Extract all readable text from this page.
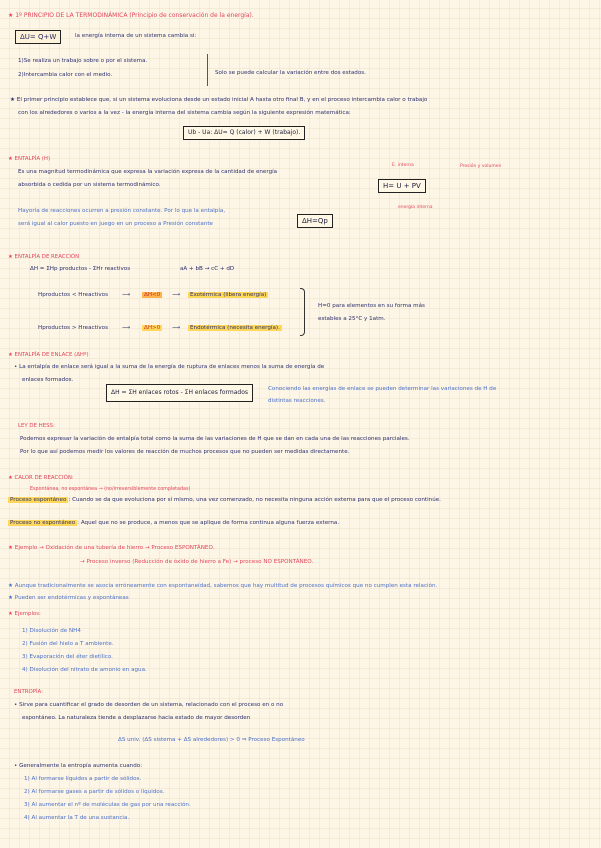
★ 1º PRINCIPIO DE LA TERMODINÁMICA (Principio de conservación de la energía).
ΔU= Q+W	la energía interna de un sistema cambia si:
1)Se realiza un trabajo sobre o por el sistema.
2)Intercambia calor con el medio.	Solo se puede calcular la variación entre dos estados.
★ El primer principio establece que, si un sistema evoluciona desde un estado inicial A hasta otro final B, y en el proceso intercambia calor o trabajo
con los alrededores o varios a la vez - la energía interna del sistema cambia según la siguiente expresión matemática:
Ub - Ua: ΔU= Q (calor) + W (trabajo).
★ ENTALPÍA (H)
Es una magnitud termodinámica que expresa la variación expresa de la cantidad de energía
absorbida o cedida por un sistema termodinámico.
E. interna	Presión y volumen
H= U + PV
energía interna
Hayoría de reacciones ocurren a presión constante. Por lo que la entalpía,
será igual al calor puesto en juego en un proceso a Presión constante	ΔH=Qp
★ ENTALPÍA DE REACCIÓN
ΔH = ΣHp productos - ΣHr reactivos	aA + bB → cC + dD
Hproductos < Hreactivos ⟶	ΔH<0	⟶	Exotérmica (libera energía)
Hproductos > Hreactivos ⟶	ΔH>0	⟶	Endotérmica (necesita energía).
H=0 para elementos en su forma más
estables a 25°C y 1atm.
★ ENTALPÍA DE ENLACE (ΔHº)
• La entalpía de enlace será igual a la suma de la energía de ruptura de enlaces menos la suma de energía de
enlaces formados.
ΔH = ΣH enlaces rotos - ΣH enlaces formados	Conociendo las energías de enlace se pueden determinar las variaciones de H de
distintas reacciones.
LEY DE HESS:
Podemos expresar la variación de entalpía total como la suma de las variaciones de H que se dan en cada una de las reacciones parciales.
Por lo que así podemos medir los valores de reacción de muchos procesos que no pueden ser medidas directamente.
★ CALOR DE REACCIÓN:
Espontánea, no espontánea → (no/irreversiblemente completadas)
Proceso espontáneo : Cuando se da que evoluciona por sí mismo, una vez comenzado, no necesita ninguna acción externa para que el proceso continúe.
Proceso no espontáneo : Aquel que no se produce, a menos que se aplique de forma continua alguna fuerza externa.
★ Ejemplo → Oxidación de una tubería de hierro → Proceso ESPONTÁNEO.
→ Proceso inverso (Reducción de óxido de hierro a Fe) → proceso NO ESPONTÁNEO.
★ Aunque tradicionalmente se asocia erróneamente con espontaneidad, sabemos que hay multitud de procesos químicos que no cumplen esta relación.
★ Pueden ser endotérmicas y espontáneas
★ Ejemplos:
1) Disolución de NH4
2) Fusión del hielo a T ambiente.
3) Evaporación del éter dietílico.
4) Disolución del nitrato de amonio en agua.
ENTROPÍA:
• Sirve para cuantificar el grado de desorden de un sistema, relacionado con el proceso en o no
espontáneo. La naturaleza tiende a desplazarse hacia estado de mayor desorden
ΔS univ. (ΔS sistema + ΔS alrededores) > 0 ⇒ Proceso Espontáneo
• Generalmente la entropía aumenta cuando:
1) Al formarse líquidos a partir de sólidos.
2) Al formarse gases a partir de sólidos o líquidos.
3) Al aumentar el nº de moléculas de gas por una reacción.
4) Al aumentar la T de una sustancia.
